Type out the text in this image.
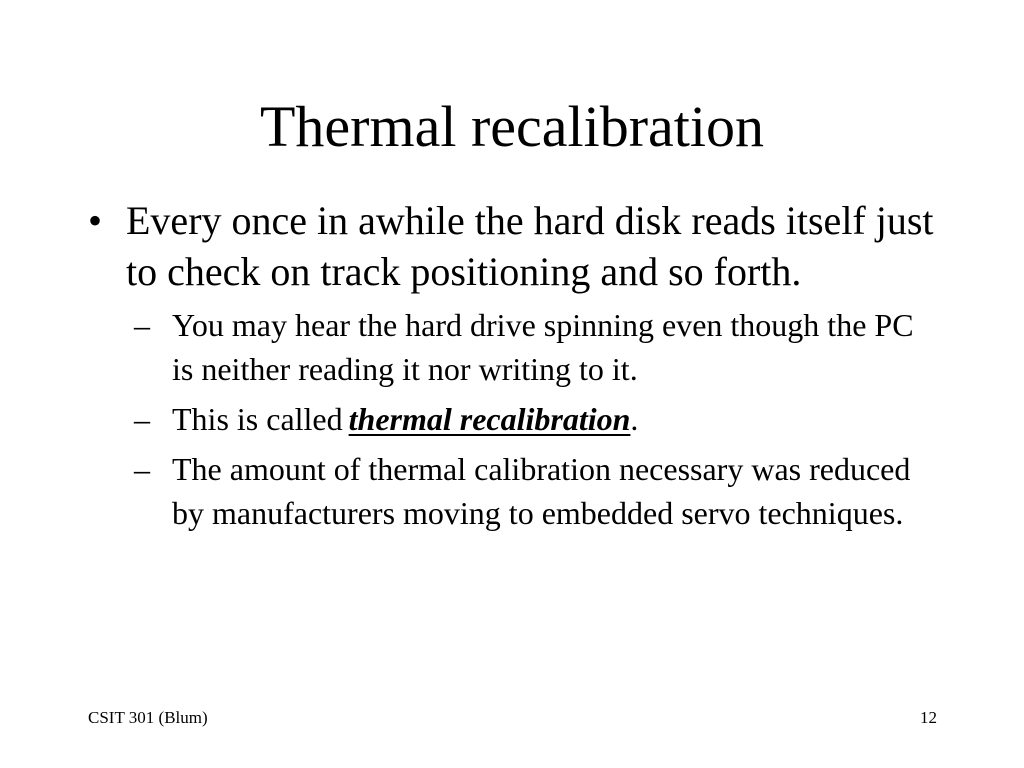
Thermal recalibration
• Every once in awhile the hard disk reads itself just to check on track positioning and so forth.
– You may hear the hard drive spinning even though the PC is neither reading it nor writing to it.
– This is called thermal recalibration.
– The amount of thermal calibration necessary was reduced by manufacturers moving to embedded servo techniques.
CSIT 301 (Blum)	12
